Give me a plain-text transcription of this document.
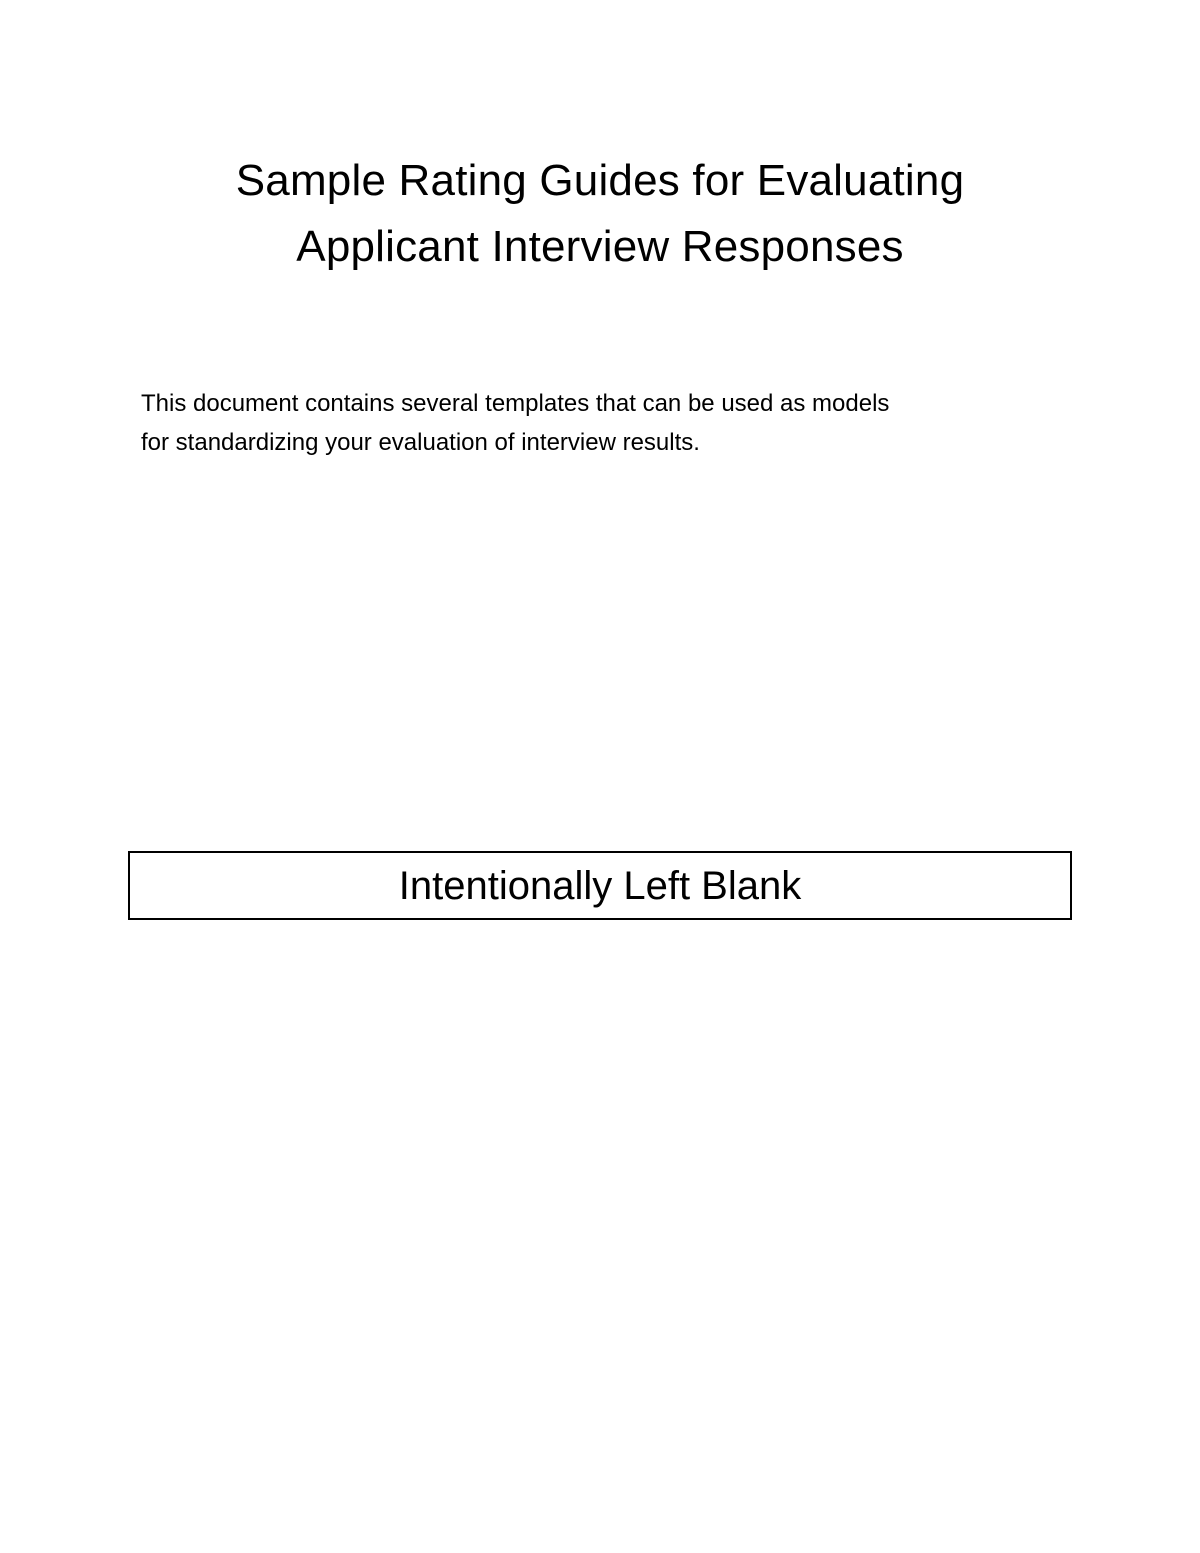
Sample Rating Guides for Evaluating
Applicant Interview Responses

This document contains several templates that can be used as models
for standardizing your evaluation of interview results.

Intentionally Left Blank
